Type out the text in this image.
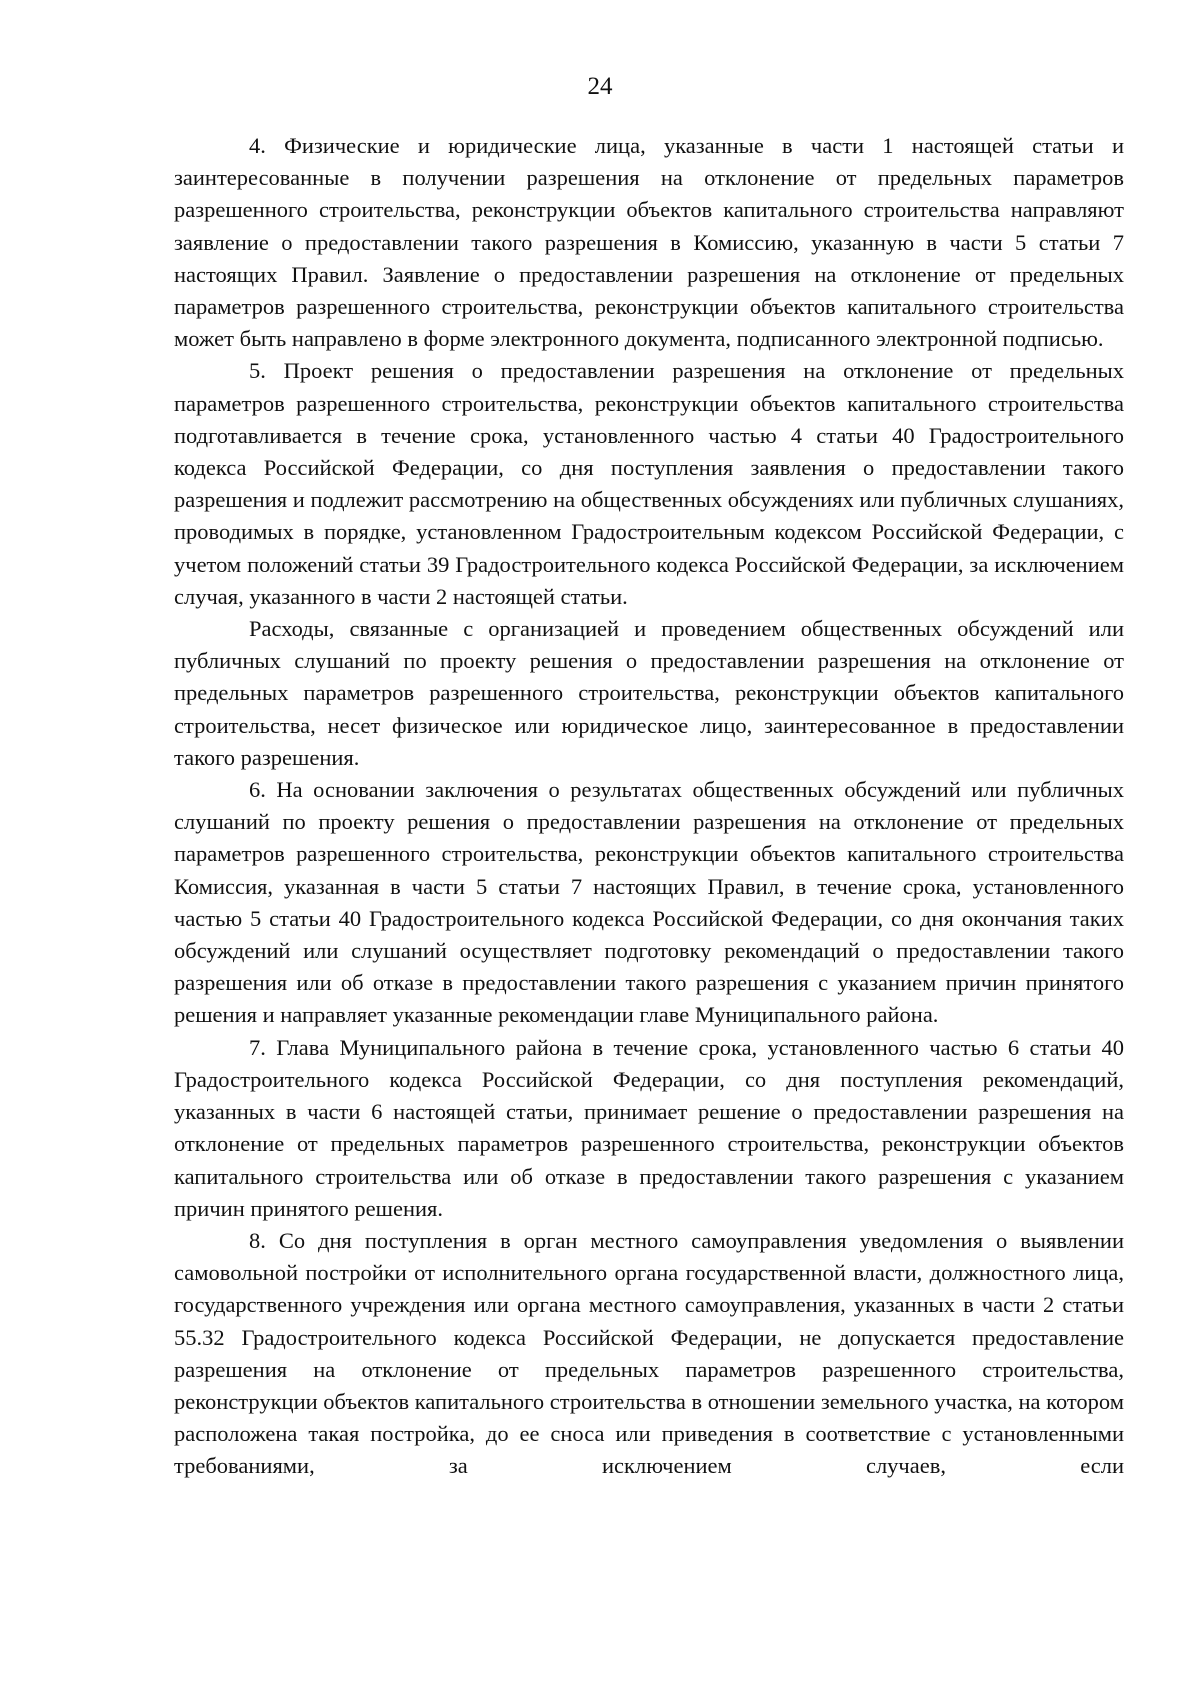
24

4. Физические и юридические лица, указанные в части 1 настоящей статьи и заинтересованные в получении разрешения на отклонение от предельных параметров разрешенного строительства, реконструкции объектов капитального строительства направляют заявление о предоставлении такого разрешения в Комиссию, указанную в части 5 статьи 7 настоящих Правил. Заявление о предоставлении разрешения на отклонение от предельных параметров разрешенного строительства, реконструкции объектов капитального строительства может быть направлено в форме электронного документа, подписанного электронной подписью.

5. Проект решения о предоставлении разрешения на отклонение от предельных параметров разрешенного строительства, реконструкции объектов капитального строительства подготавливается в течение срока, установленного частью 4 статьи 40 Градостроительного кодекса Российской Федерации, со дня поступления заявления о предоставлении такого разрешения и подлежит рассмотрению на общественных обсуждениях или публичных слушаниях, проводимых в порядке, установленном Градостроительным кодексом Российской Федерации, с учетом положений статьи 39 Градостроительного кодекса Российской Федерации, за исключением случая, указанного в части 2 настоящей статьи.

Расходы, связанные с организацией и проведением общественных обсуждений или публичных слушаний по проекту решения о предоставлении разрешения на отклонение от предельных параметров разрешенного строительства, реконструкции объектов капитального строительства, несет физическое или юридическое лицо, заинтересованное в предоставлении такого разрешения.

6. На основании заключения о результатах общественных обсуждений или публичных слушаний по проекту решения о предоставлении разрешения на отклонение от предельных параметров разрешенного строительства, реконструкции объектов капитального строительства Комиссия, указанная в части 5 статьи 7 настоящих Правил, в течение срока, установленного частью 5 статьи 40 Градостроительного кодекса Российской Федерации, со дня окончания таких обсуждений или слушаний осуществляет подготовку рекомендаций о предоставлении такого разрешения или об отказе в предоставлении такого разрешения с указанием причин принятого решения и направляет указанные рекомендации главе Муниципального района.

7. Глава Муниципального района в течение срока, установленного частью 6 статьи 40 Градостроительного кодекса Российской Федерации, со дня поступления рекомендаций, указанных в части 6 настоящей статьи, принимает решение о предоставлении разрешения на отклонение от предельных параметров разрешенного строительства, реконструкции объектов капитального строительства или об отказе в предоставлении такого разрешения с указанием причин принятого решения.

8. Со дня поступления в орган местного самоуправления уведомления о выявлении самовольной постройки от исполнительного органа государственной власти, должностного лица, государственного учреждения или органа местного самоуправления, указанных в части 2 статьи 55.32 Градостроительного кодекса Российской Федерации, не допускается предоставление разрешения на отклонение от предельных параметров разрешенного строительства, реконструкции объектов капитального строительства в отношении земельного участка, на котором расположена такая постройка, до ее сноса или приведения в соответствие с установленными требованиями, за исключением случаев, если
